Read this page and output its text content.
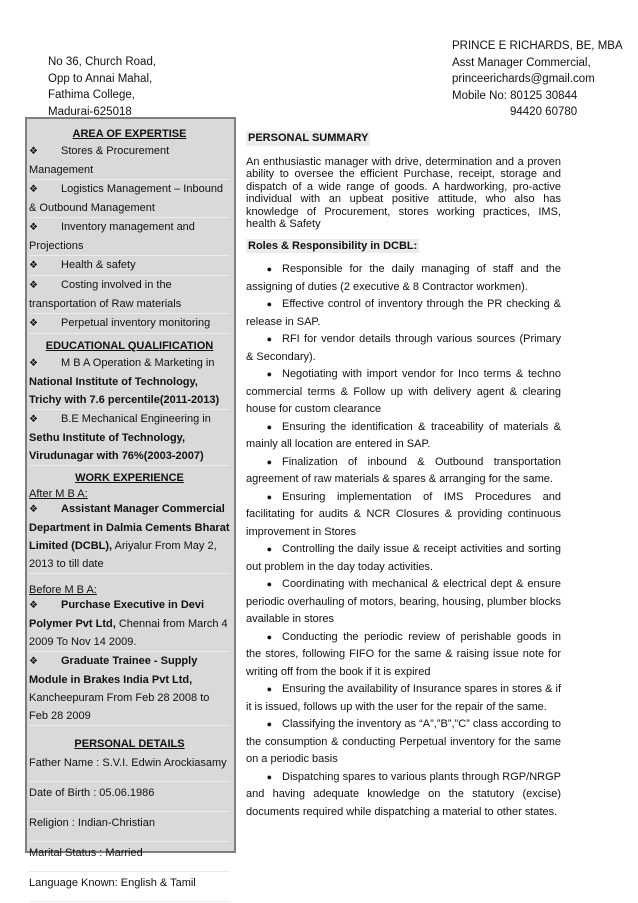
No 36, Church Road,
Opp to Annai Mahal,
Fathima College,
Madurai-625018
PRINCE E RICHARDS, BE, MBA
Asst Manager Commercial,
princeerichards@gmail.com
Mobile No: 80125 30844
94420 60780
AREA OF EXPERTISE
❖ Stores & Procurement Management
❖ Logistics Management – Inbound & Outbound Management
❖ Inventory management and Projections
❖ Health & safety
❖ Costing involved in the transportation of Raw materials
❖ Perpetual inventory monitoring
EDUCATIONAL QUALIFICATION
❖ M B A Operation & Marketing in National Institute of Technology, Trichy with 7.6 percentile(2011-2013)
❖ B.E Mechanical Engineering in Sethu Institute of Technology, Virudunagar with 76%(2003-2007)
WORK EXPERIENCE
After M B A:
❖ Assistant Manager Commercial Department in Dalmia Cements Bharat Limited (DCBL), Ariyalur From May 2, 2013 to till date
Before M B A:
❖ Purchase Executive in Devi Polymer Pvt Ltd, Chennai from March 4 2009 To Nov 14 2009.
❖ Graduate Trainee - Supply Module in Brakes India Pvt Ltd, Kancheepuram From Feb 28 2008 to Feb 28 2009
PERSONAL DETAILS
Father Name : S.V.I. Edwin Arockiasamy
Date of Birth : 05.06.1986
Religion : Indian-Christian
Marital Status : Married
Language Known: English & Tamil
PERSONAL SUMMARY

An enthusiastic manager with drive, determination and a proven ability to oversee the efficient Purchase, receipt, storage and dispatch of a wide range of goods. A hardworking, pro-active individual with an upbeat positive attitude, who also has knowledge of Procurement, stores working practices, IMS, health & Safety

Roles & Responsibility in DCBL:

● Responsible for the daily managing of staff and the assigning of duties (2 executive & 8 Contractor workmen).

● Effective control of inventory through the PR checking & release in SAP.

● RFI for vendor details through various sources (Primary & Secondary).

● Negotiating with import vendor for Inco terms & techno commercial terms & Follow up with delivery agent & clearing house for custom clearance

● Ensuring the identification & traceability of materials & mainly all location are entered in SAP.

● Finalization of inbound & Outbound transportation agreement of raw materials & spares & arranging for the same.

● Ensuring implementation of IMS Procedures and facilitating for audits & NCR Closures & providing continuous improvement in Stores

● Controlling the daily issue & receipt activities and sorting out problem in the day today activities.

● Coordinating with mechanical & electrical dept & ensure periodic overhauling of motors, bearing, housing, plumber blocks available in stores

● Conducting the periodic review of perishable goods in the stores, following FIFO for the same & raising issue note for writing off from the book if it is expired

● Ensuring the availability of Insurance spares in stores & if it is issued, follows up with the user for the repair of the same.

● Classifying the inventory as “A”,”B”,”C” class according to the consumption & conducting Perpetual inventory for the same on a periodic basis

● Dispatching spares to various plants through RGP/NRGP and having adequate knowledge on the statutory (excise) documents required while dispatching a material to other states.
